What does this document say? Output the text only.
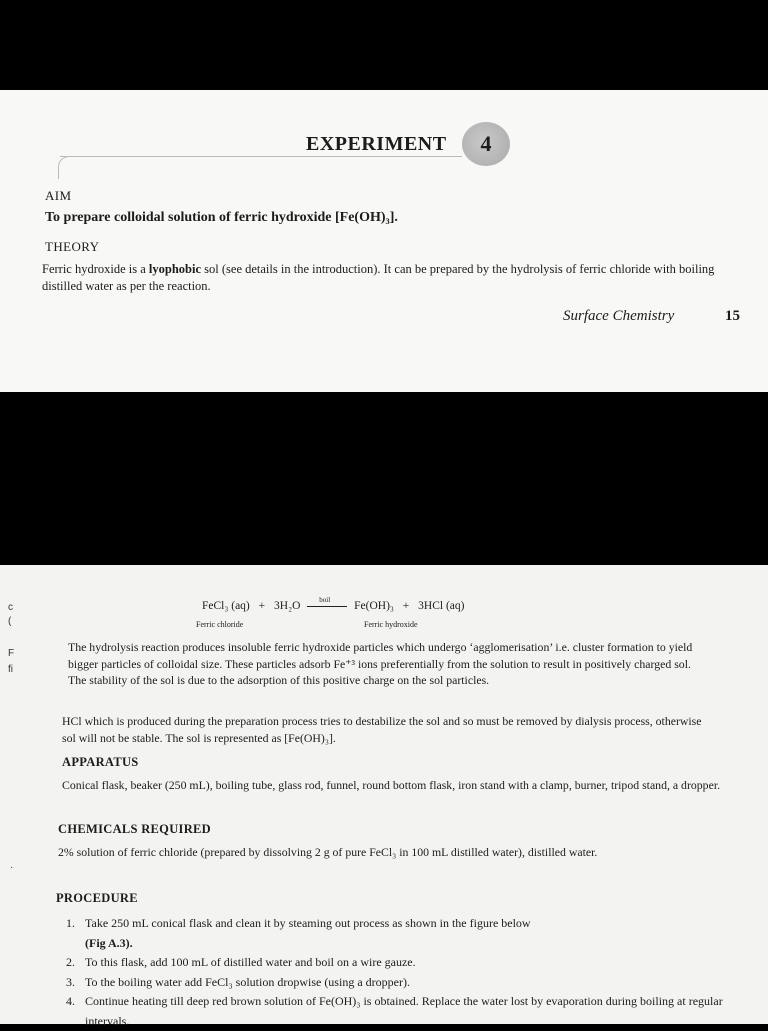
EXPERIMENT 4
AIM
To prepare colloidal solution of ferric hydroxide [Fe(OH)₃].
THEORY
Ferric hydroxide is a lyophobic sol (see details in the introduction). It can be prepared by the hydrolysis of ferric chloride with boiling distilled water as per the reaction.
Surface Chemistry	15
c
(
F
fi
·
FeCl₃ (aq) + 3H₂O
boil
Fe(OH)₃ + 3HCl (aq)
Ferric chloride	Ferric hydroxide
The hydrolysis reaction produces insoluble ferric hydroxide particles which undergo ‘agglomerisation’ i.e. cluster formation to yield bigger particles of colloidal size. These particles adsorb Fe⁺³ ions preferentially from the solution to result in positively charged sol. The stability of the sol is due to the adsorption of this positive charge on the sol particles.
HCl which is produced during the preparation process tries to destabilize the sol and so must be removed by dialysis process, otherwise sol will not be stable. The sol is represented as [Fe(OH)₃].
APPARATUS
Conical flask, beaker (250 mL), boiling tube, glass rod, funnel, round bottom flask, iron stand with a clamp, burner, tripod stand, a dropper.
CHEMICALS REQUIRED
2% solution of ferric chloride (prepared by dissolving 2 g of pure FeCl₃ in 100 mL distilled water), distilled water.
PROCEDURE
1. Take 250 mL conical flask and clean it by steaming out process as shown in the figure below
(Fig A.3).
2. To this flask, add 100 mL of distilled water and boil on a wire gauze.
3. To the boiling water add FeCl₃ solution dropwise (using a dropper).
4. Continue heating till deep red brown solution of Fe(OH)₃ is obtained. Replace the water lost by evaporation during boiling at regular intervals.
